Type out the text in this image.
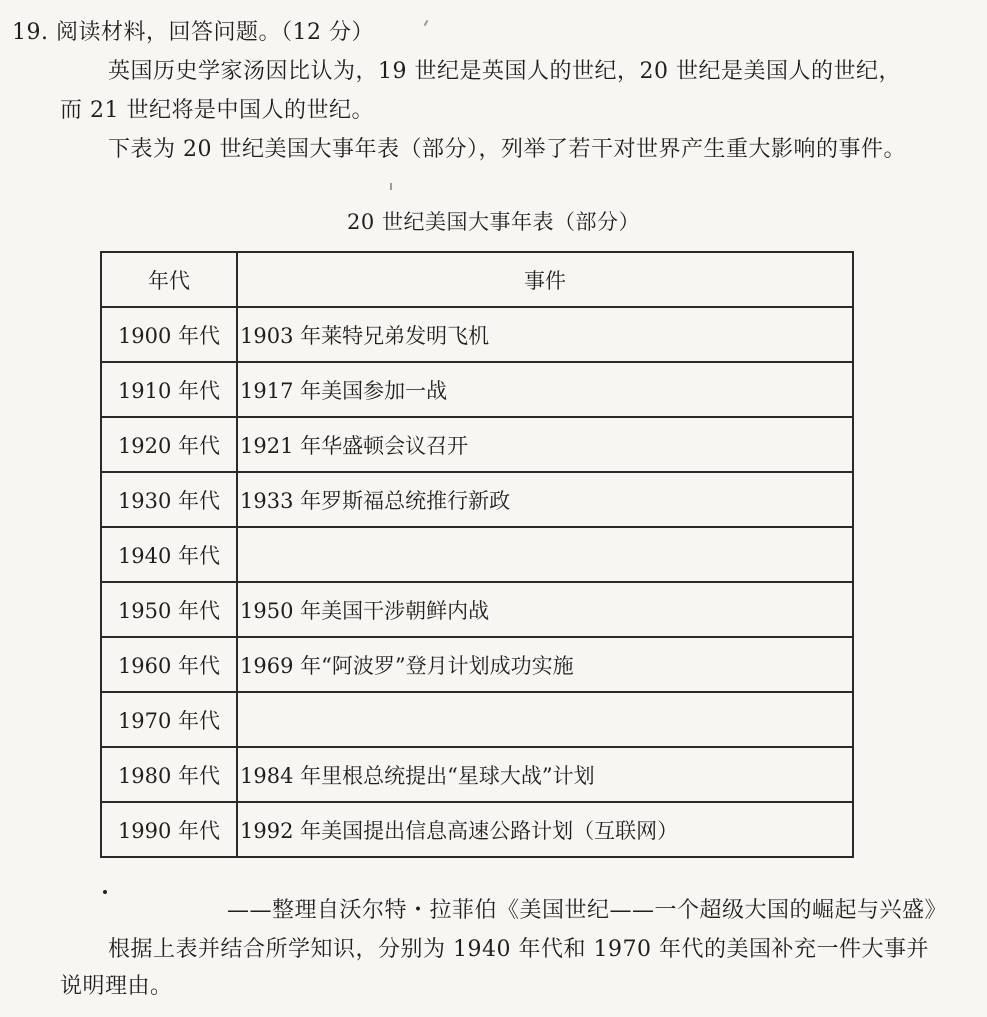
19. 阅读材料，回答问题。（12 分）
英国历史学家汤因比认为，19 世纪是英国人的世纪，20 世纪是美国人的世纪，
而 21 世纪将是中国人的世纪。
下表为 20 世纪美国大事年表（部分），列举了若干对世界产生重大影响的事件。
20 世纪美国大事年表（部分）
年代	事件
1900 年代	1903 年莱特兄弟发明飞机
1910 年代	1917 年美国参加一战
1920 年代	1921 年华盛顿会议召开
1930 年代	1933 年罗斯福总统推行新政
1940 年代	
1950 年代	1950 年美国干涉朝鲜内战
1960 年代	1969 年“阿波罗”登月计划成功实施
1970 年代	
1980 年代	1984 年里根总统提出“星球大战”计划
1990 年代	1992 年美国提出信息高速公路计划（互联网）
——整理自沃尔特・拉菲伯《美国世纪——一个超级大国的崛起与兴盛》
根据上表并结合所学知识，分别为 1940 年代和 1970 年代的美国补充一件大事并
说明理由。
